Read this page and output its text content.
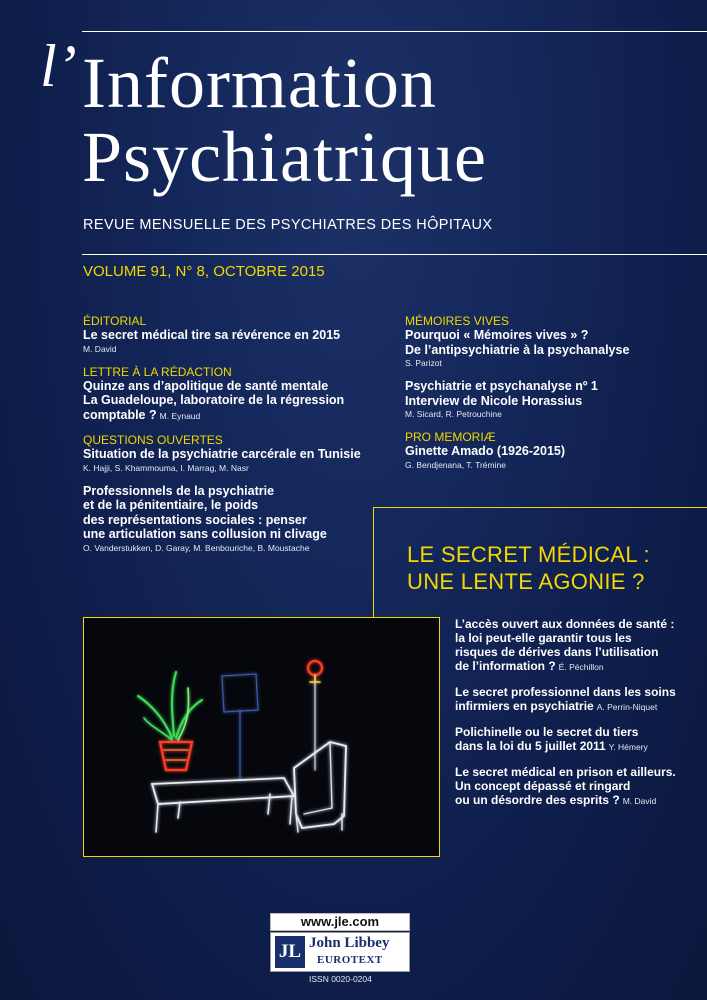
l’ Information
Psychiatrique
REVUE MENSUELLE DES PSYCHIATRES DES HÔPITAUX
VOLUME 91, N° 8, OCTOBRE 2015
ÉDITORIAL
Le secret médical tire sa révérence en 2015
M. David
LETTRE À LA RÉDACTION
Quinze ans d’apolitique de santé mentale
La Guadeloupe, laboratoire de la régression
comptable ? M. Eynaud
QUESTIONS OUVERTES
Situation de la psychiatrie carcérale en Tunisie
K. Hajji, S. Khammouma, I. Marrag, M. Nasr
Professionnels de la psychiatrie
et de la pénitentiaire, le poids
des représentations sociales : penser
une articulation sans collusion ni clivage
O. Vanderstukken, D. Garay, M. Benbouriche, B. Moustache
MÉMOIRES VIVES
Pourquoi « Mémoires vives » ?
De l’antipsychiatrie à la psychanalyse
S. Parizot
Psychiatrie et psychanalyse nº 1
Interview de Nicole Horassius
M. Sicard, R. Petrouchine
PRO MEMORIÆ
Ginette Amado (1926-2015)
G. Bendjenana, T. Trémine
LE SECRET MÉDICAL :
UNE LENTE AGONIE ?
L’accès ouvert aux données de santé :
la loi peut-elle garantir tous les
risques de dérives dans l’utilisation
de l’information ? É. Péchillon
Le secret professionnel dans les soins
infirmiers en psychiatrie A. Perrin-Niquet
Polichinelle ou le secret du tiers
dans la loi du 5 juillet 2011 Y. Hémery
Le secret médical en prison et ailleurs.
Un concept dépassé et ringard
ou un désordre des esprits ? M. David
www.jle.com
JL John Libbey
EUROTEXT
ISSN 0020-0204
